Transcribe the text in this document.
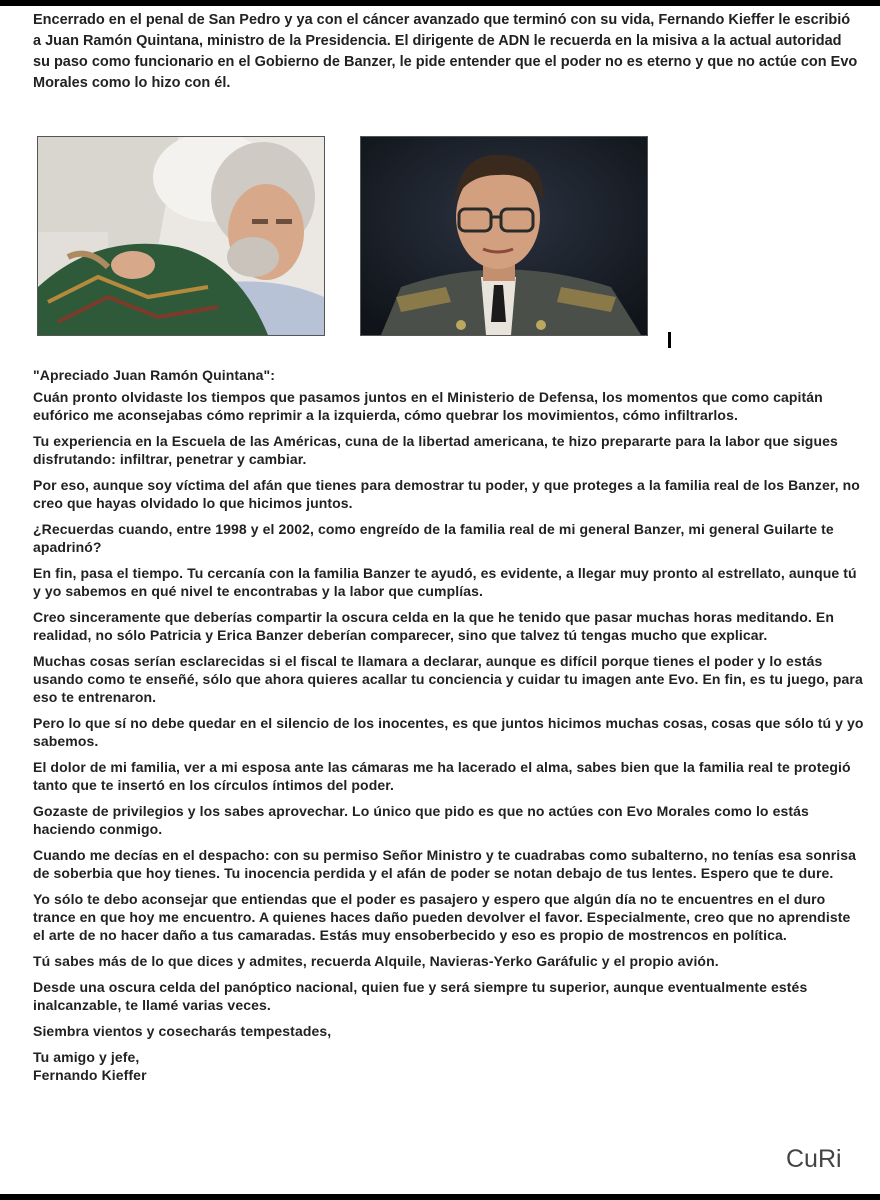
Encerrado en el penal de San Pedro y ya con el cáncer avanzado que terminó con su vida, Fernando Kieffer le escribió a Juan Ramón Quintana, ministro de la Presidencia. El dirigente de ADN le recuerda en la misiva a la actual autoridad su paso como funcionario en el Gobierno de Banzer, le pide entender que el poder no es eterno y que no actúe con Evo Morales como lo hizo con él.

"Apreciado Juan Ramón Quintana":

Cuán pronto olvidaste los tiempos que pasamos juntos en el Ministerio de Defensa, los momentos que como capitán eufórico me aconsejabas cómo reprimir a la izquierda, cómo quebrar los movimientos, cómo infiltrarlos.

Tu experiencia en la Escuela de las Américas, cuna de la libertad americana, te hizo prepararte para la labor que sigues disfrutando: infiltrar, penetrar y cambiar.

Por eso, aunque soy víctima del afán que tienes para demostrar tu poder, y que proteges a la familia real de los Banzer, no creo que hayas olvidado lo que hicimos juntos.

¿Recuerdas cuando, entre 1998 y el 2002, como engreído de la familia real de mi general Banzer, mi general Guilarte te apadrinó?

En fin, pasa el tiempo. Tu cercanía con la familia Banzer te ayudó, es evidente, a llegar muy pronto al estrellato, aunque tú y yo sabemos en qué nivel te encontrabas y la labor que cumplías.

Creo sinceramente que deberías compartir la oscura celda en la que he tenido que pasar muchas horas meditando. En realidad, no sólo Patricia y Erica Banzer deberían comparecer, sino que talvez tú tengas mucho que explicar.

Muchas cosas serían esclarecidas si el fiscal te llamara a declarar, aunque es difícil porque tienes el poder y lo estás usando como te enseñé, sólo que ahora quieres acallar tu conciencia y cuidar tu imagen ante Evo. En fin, es tu juego, para eso te entrenaron.

Pero lo que sí no debe quedar en el silencio de los inocentes, es que juntos hicimos muchas cosas, cosas que sólo tú y yo sabemos.

El dolor de mi familia, ver a mi esposa ante las cámaras me ha lacerado el alma, sabes bien que la familia real te protegió tanto que te insertó en los círculos íntimos del poder.

Gozaste de privilegios y los sabes aprovechar. Lo único que pido es que no actúes con Evo Morales como lo estás haciendo conmigo.

Cuando me decías en el despacho: con su permiso Señor Ministro y te cuadrabas como subalterno, no tenías esa sonrisa de soberbia que hoy tienes. Tu inocencia perdida y el afán de poder se notan debajo de tus lentes. Espero que te dure.

Yo sólo te debo aconsejar que entiendas que el poder es pasajero y espero que algún día no te encuentres en el duro trance en que hoy me encuentro. A quienes haces daño pueden devolver el favor. Especialmente, creo que no aprendiste el arte de no hacer daño a tus camaradas. Estás muy ensoberbecido y eso es propio de mostrencos en política.

Tú sabes más de lo que dices y admites, recuerda Alquile, Navieras-Yerko Garáfulic y el propio avión.

Desde una oscura celda del panóptico nacional, quien fue y será siempre tu superior, aunque eventualmente estés inalcanzable, te llamé varias veces.

Siembra vientos y cosecharás tempestades,

Tu amigo y jefe,

Fernando Kieffer

CuRi
